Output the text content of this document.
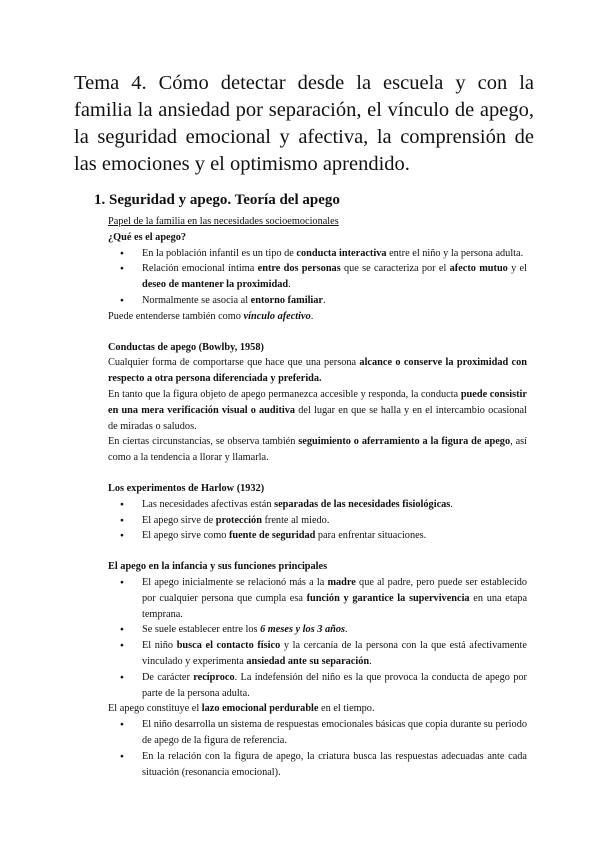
Tema 4. Cómo detectar desde la escuela y con la familia la ansiedad por separación, el vínculo de apego, la seguridad emocional y afectiva, la comprensión de las emociones y el optimismo aprendido.
1. Seguridad y apego. Teoría del apego

Papel de la familia en las necesidades socioemocionales

¿Qué es el apego?

● En la población infantil es un tipo de conducta interactiva entre el niño y la persona adulta.
● Relación emocional íntima entre dos personas que se caracteriza por el afecto mutuo y el deseo de mantener la proximidad.
● Normalmente se asocia al entorno familiar.

Puede entenderse también como vínculo afectivo.

Conductas de apego (Bowlby, 1958)

Cualquier forma de comportarse que hace que una persona alcance o conserve la proximidad con respecto a otra persona diferenciada y preferida.

En tanto que la figura objeto de apego permanezca accesible y responda, la conducta puede consistir en una mera verificación visual o auditiva del lugar en que se halla y en el intercambio ocasional de miradas o saludos.

En ciertas circunstancias, se observa también seguimiento o aferramiento a la figura de apego, así como a la tendencia a llorar y llamarla.

Los experimentos de Harlow (1932)

● Las necesidades afectivas están separadas de las necesidades fisiológicas.
● El apego sirve de protección frente al miedo.
● El apego sirve como fuente de seguridad para enfrentar situaciones.

El apego en la infancia y sus funciones principales

● El apego inicialmente se relacionó más a la madre que al padre, pero puede ser establecido por cualquier persona que cumpla esa función y garantice la supervivencia en una etapa temprana.
● Se suele establecer entre los 6 meses y los 3 años.
● El niño busca el contacto físico y la cercanía de la persona con la que está afectivamente vinculado y experimenta ansiedad ante su separación.
● De carácter recíproco. La indefensión del niño es la que provoca la conducta de apego por parte de la persona adulta.

El apego constituye el lazo emocional perdurable en el tiempo.

● El niño desarrolla un sistema de respuestas emocionales básicas que copia durante su periodo de apego de la figura de referencia.
● En la relación con la figura de apego, la criatura busca las respuestas adecuadas ante cada situación (resonancia emocional).
